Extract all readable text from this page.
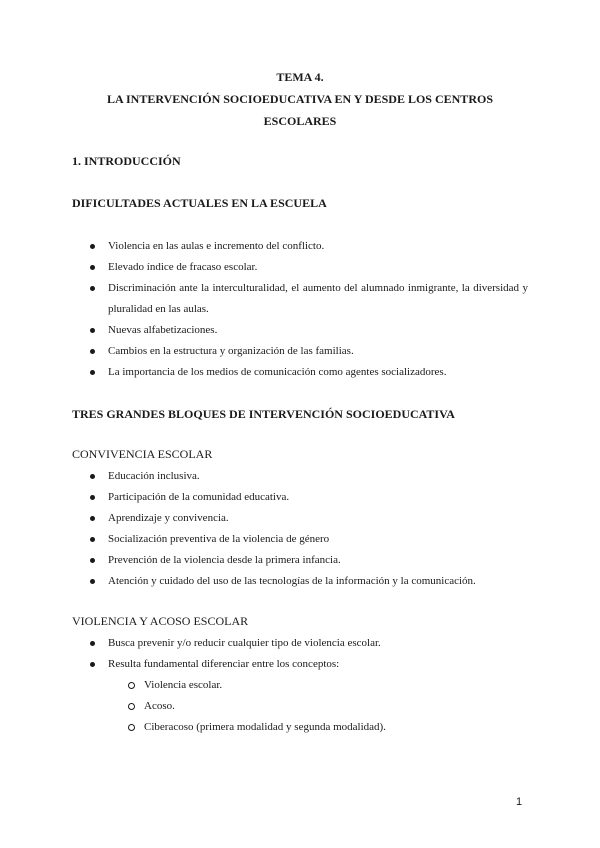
TEMA 4.
LA INTERVENCIÓN SOCIOEDUCATIVA EN Y DESDE LOS CENTROS
ESCOLARES
1. INTRODUCCIÓN
DIFICULTADES ACTUALES EN LA ESCUELA
Violencia en las aulas e incremento del conflicto.
Elevado índice de fracaso escolar.
Discriminación ante la interculturalidad, el aumento del alumnado inmigrante, la diversidad y pluralidad en las aulas.
Nuevas alfabetizaciones.
Cambios en la estructura y organización de las familias.
La importancia de los medios de comunicación como agentes socializadores.
TRES GRANDES BLOQUES DE INTERVENCIÓN SOCIOEDUCATIVA
CONVIVENCIA ESCOLAR
Educación inclusiva.
Participación de la comunidad educativa.
Aprendizaje y convivencia.
Socialización preventiva de la violencia de género
Prevención de la violencia desde la primera infancia.
Atención y cuidado del uso de las tecnologías de la información y la comunicación.
VIOLENCIA Y ACOSO ESCOLAR
Busca prevenir y/o reducir cualquier tipo de violencia escolar.
Resulta fundamental diferenciar entre los conceptos:
Violencia escolar.
Acoso.
Ciberacoso (primera modalidad y segunda modalidad).
1
